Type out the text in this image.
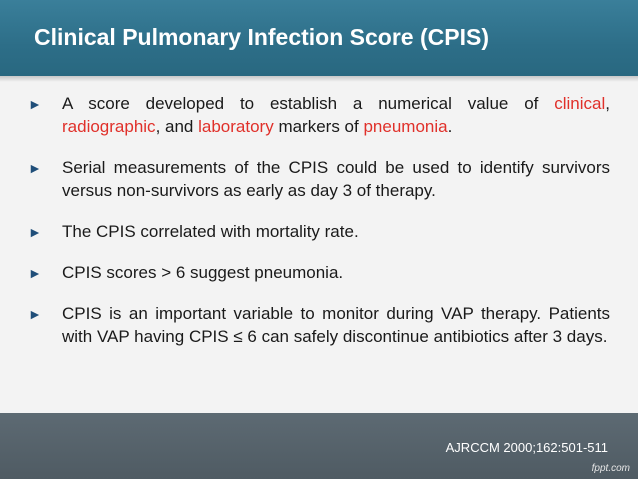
Clinical Pulmonary Infection Score (CPIS)
► A score developed to establish a numerical value of clinical, radiographic, and laboratory markers of pneumonia.
► Serial measurements of the CPIS could be used to identify survivors versus non-survivors as early as day 3 of therapy.
► The CPIS correlated with mortality rate.
► CPIS scores > 6 suggest pneumonia.
► CPIS is an important variable to monitor during VAP therapy. Patients with VAP having CPIS ≤ 6 can safely discontinue antibiotics after 3 days.
AJRCCM 2000;162:501-511
fppt.com
